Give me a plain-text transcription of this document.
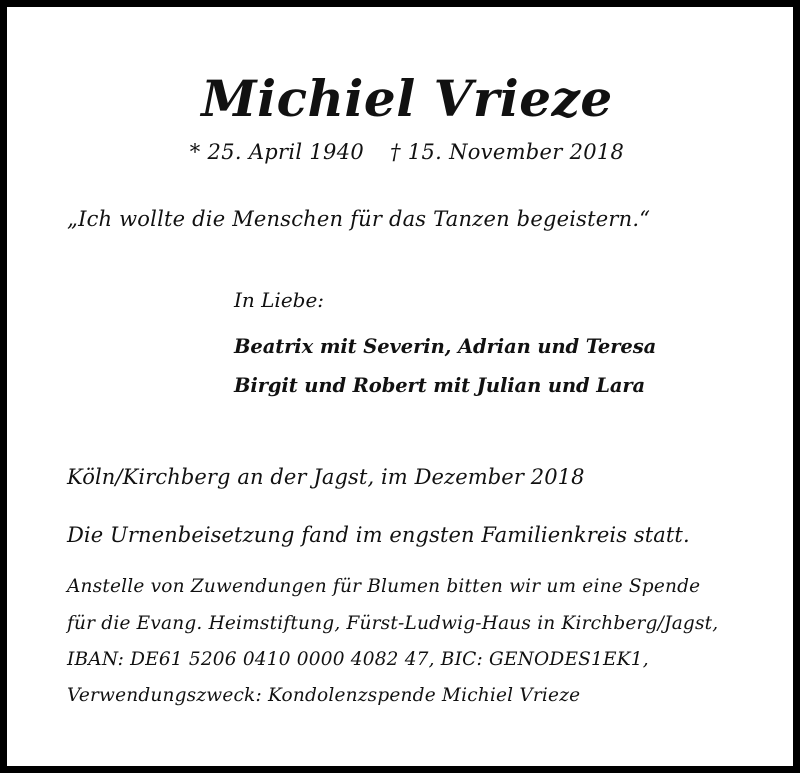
Michiel Vrieze

* 25. April 1940 † 15. November 2018

„Ich wollte die Menschen für das Tanzen begeistern.“

In Liebe:

Beatrix mit Severin, Adrian und Teresa

Birgit und Robert mit Julian und Lara

Köln/Kirchberg an der Jagst, im Dezember 2018

Die Urnenbeisetzung fand im engsten Familienkreis statt.

Anstelle von Zuwendungen für Blumen bitten wir um eine Spende

für die Evang. Heimstiftung, Fürst-Ludwig-Haus in Kirchberg/Jagst,

IBAN: DE61 5206 0410 0000 4082 47, BIC: GENODES1EK1,

Verwendungszweck: Kondolenzspende Michiel Vrieze
